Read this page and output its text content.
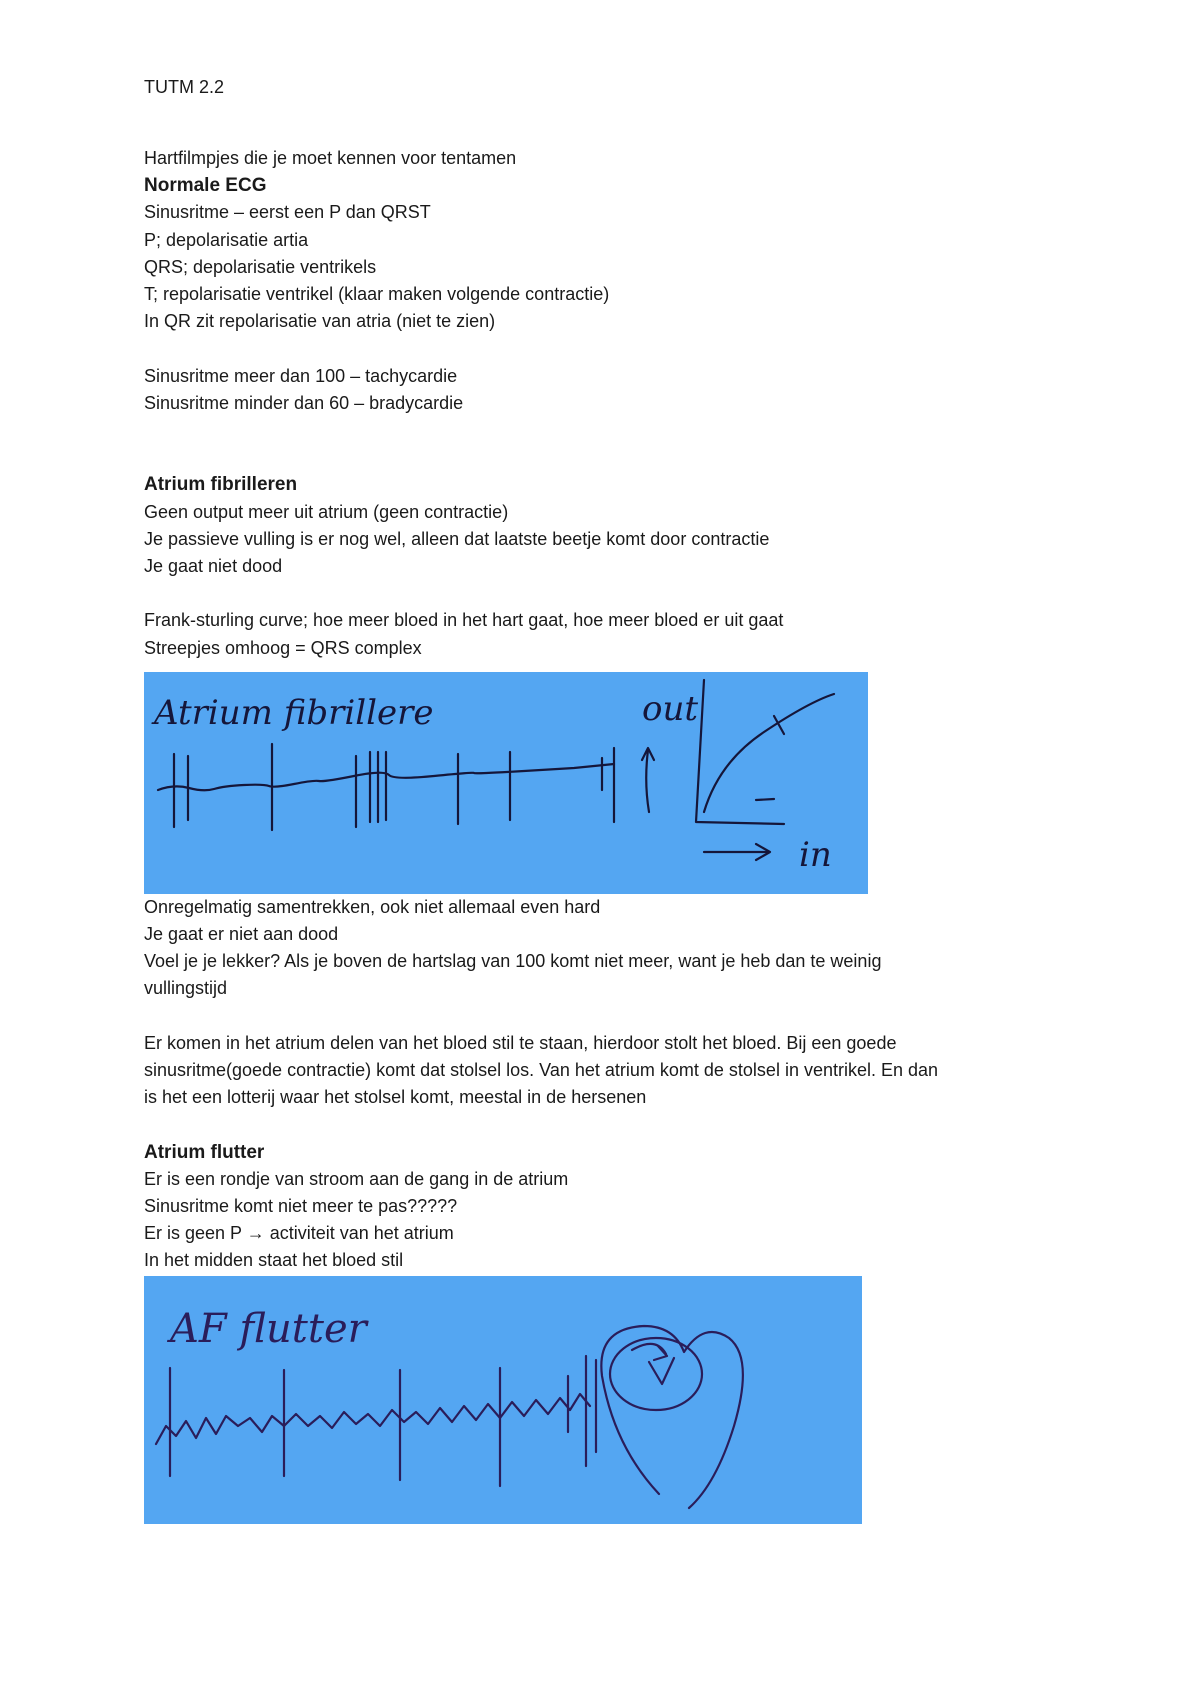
TUTM 2.2
Hartfilmpjes die je moet kennen voor tentamen
Normale ECG
Sinusritme – eerst een P dan QRST
P; depolarisatie artia
QRS; depolarisatie ventrikels
T; repolarisatie ventrikel (klaar maken volgende contractie)
In QR zit repolarisatie van atria (niet te zien)
Sinusritme meer dan 100 – tachycardie
Sinusritme minder dan 60 – bradycardie
Atrium fibrilleren
Geen output meer uit atrium (geen contractie)
Je passieve vulling is er nog wel, alleen dat laatste beetje komt door contractie
Je gaat niet dood
Frank-sturling curve; hoe meer bloed in het hart gaat, hoe meer bloed er uit gaat
Streepjes omhoog = QRS complex
Atrium fibrillere	out
in
Onregelmatig samentrekken, ook niet allemaal even hard
Je gaat er niet aan dood
Voel je je lekker? Als je boven de hartslag van 100 komt niet meer, want je heb dan te weinig
vullingstijd
Er komen in het atrium delen van het bloed stil te staan, hierdoor stolt het bloed. Bij een goede
sinusritme(goede contractie) komt dat stolsel los. Van het atrium komt de stolsel in ventrikel. En dan
is het een lotterij waar het stolsel komt, meestal in de hersenen
Atrium flutter
Er is een rondje van stroom aan de gang in de atrium
Sinusritme komt niet meer te pas?????
Er is geen P → activiteit van het atrium
In het midden staat het bloed stil
AF flutter
